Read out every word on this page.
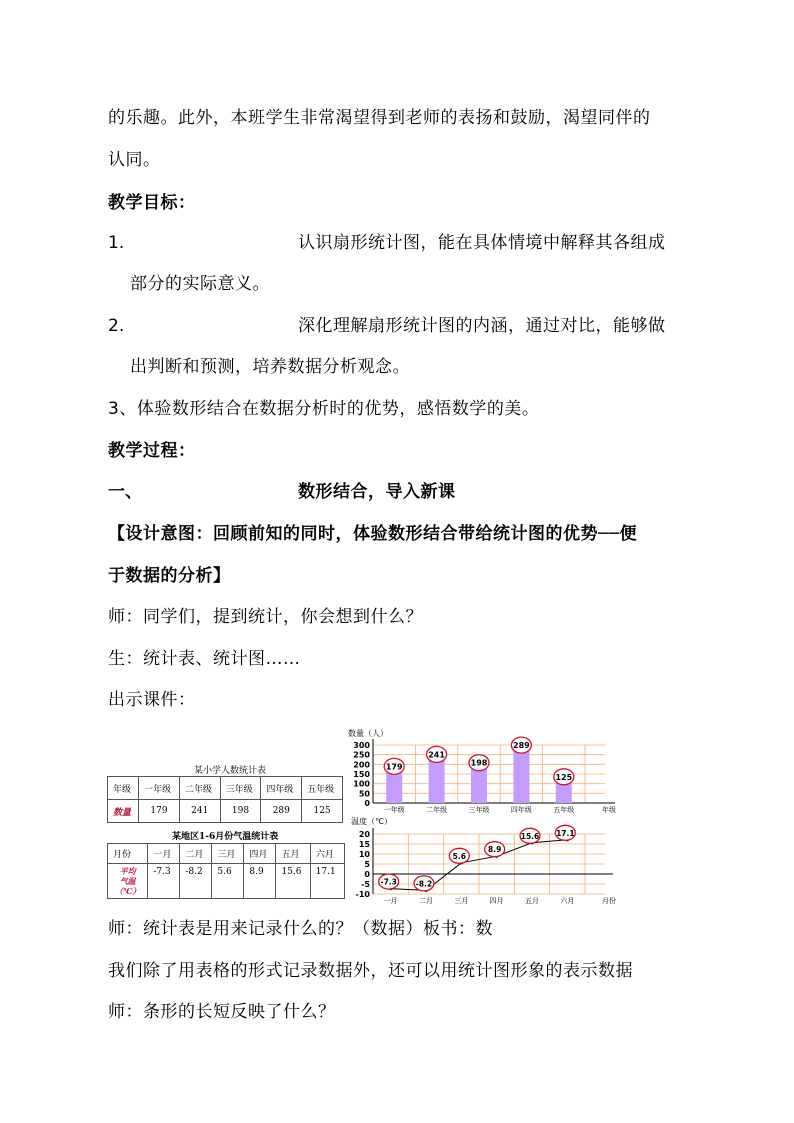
的乐趣。此外，本班学生非常渴望得到老师的表扬和鼓励，渴望同伴的
认同。
教学目标：
1.	认识扇形统计图，能在具体情境中解释其各组成
部分的实际意义。
2.	深化理解扇形统计图的内涵，通过对比，能够做
出判断和预测，培养数据分析观念。
3、体验数形结合在数据分析时的优势，感悟数学的美。
教学过程：
一、	数形结合，导入新课
【设计意图：回顾前知的同时，体验数形结合带给统计图的优势──便
于数据的分析】
师：同学们，提到统计，你会想到什么？
生：统计表、统计图……
出示课件：
某小学人数统计表
年级	一年级	二年级	三年级	四年级	五年级
数量	179	241	198	289	125
某地区1-6月份气温统计表
月份	一月	二月	三月	四月	五月	六月

平均
气温
（℃）	-7.3	-8.2	5.6	8.9	15.6	17.1
数量（人）
0
50
100
150
200
250
300
179
一年级
241
二年级
198
三年级
289
四年级
125
五年级	年级
温度（℃）
-10
-5
0
5
10
15
20
-7.3
一月
-8.2
二月
5.6
三月
8.9
四月
15.6
五月
17.1
六月	月份
师：统计表是用来记录什么的？（数据）板书：数
我们除了用表格的形式记录数据外，还可以用统计图形象的表示数据
师：条形的长短反映了什么？
